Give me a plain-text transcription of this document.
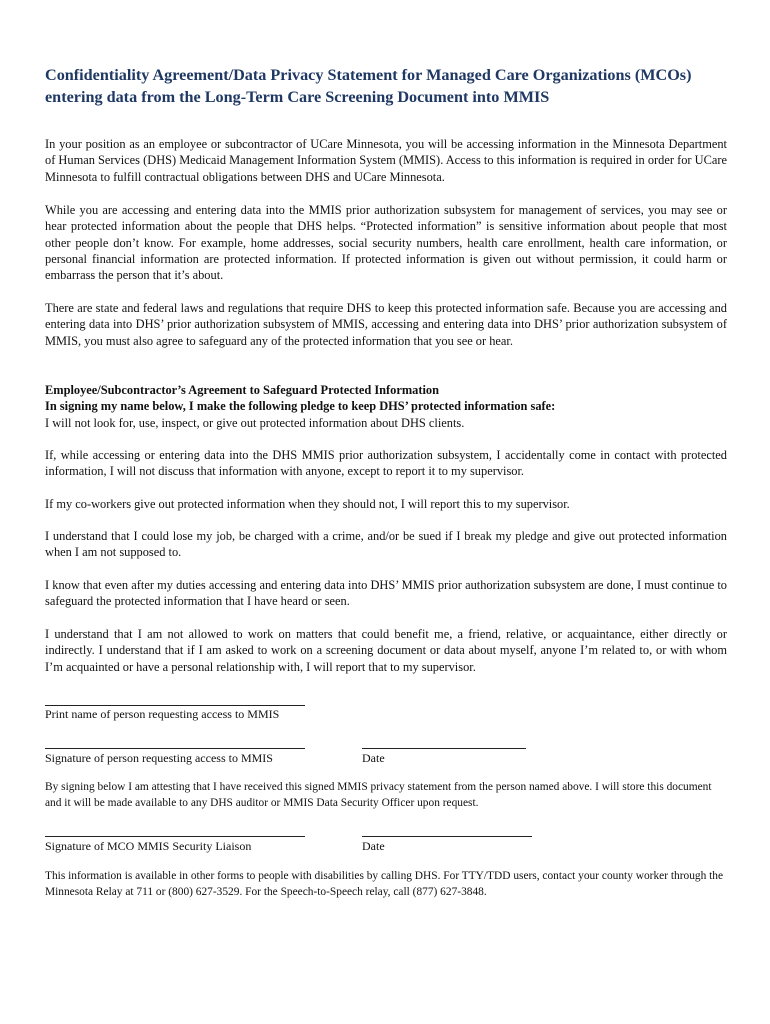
Confidentiality Agreement/Data Privacy Statement for Managed Care Organizations (MCOs) entering data from the Long-Term Care Screening Document into MMIS
In your position as an employee or subcontractor of UCare Minnesota, you will be accessing information in the Minnesota Department of Human Services (DHS) Medicaid Management Information System (MMIS). Access to this information is required in order for UCare Minnesota to fulfill contractual obligations between DHS and UCare Minnesota.
While you are accessing and entering data into the MMIS prior authorization subsystem for management of services, you may see or hear protected information about the people that DHS helps. “Protected information” is sensitive information about people that most other people don’t know. For example, home addresses, social security numbers, health care enrollment, health care information, or personal financial information are protected information. If protected information is given out without permission, it could harm or embarrass the person that it’s about.
There are state and federal laws and regulations that require DHS to keep this protected information safe. Because you are accessing and entering data into DHS’ prior authorization subsystem of MMIS, accessing and entering data into DHS’ prior authorization subsystem of MMIS, you must also agree to safeguard any of the protected information that you see or hear.
Employee/Subcontractor’s Agreement to Safeguard Protected Information
In signing my name below, I make the following pledge to keep DHS’ protected information safe:
I will not look for, use, inspect, or give out protected information about DHS clients.
If, while accessing or entering data into the DHS MMIS prior authorization subsystem, I accidentally come in contact with protected information, I will not discuss that information with anyone, except to report it to my supervisor.
If my co-workers give out protected information when they should not, I will report this to my supervisor.
I understand that I could lose my job, be charged with a crime, and/or be sued if I break my pledge and give out protected information when I am not supposed to.
I know that even after my duties accessing and entering data into DHS’ MMIS prior authorization subsystem are done, I must continue to safeguard the protected information that I have heard or seen.
I understand that I am not allowed to work on matters that could benefit me, a friend, relative, or acquaintance, either directly or indirectly. I understand that if I am asked to work on a screening document or data about myself, anyone I’m related to, or with whom I’m acquainted or have a personal relationship with, I will report that to my supervisor.
Print name of person requesting access to MMIS
Signature of person requesting access to MMIS	Date
By signing below I am attesting that I have received this signed MMIS privacy statement from the person named above. I will store this document and it will be made available to any DHS auditor or MMIS Data Security Officer upon request.
Signature of MCO MMIS Security Liaison	Date
This information is available in other forms to people with disabilities by calling DHS. For TTY/TDD users, contact your county worker through the Minnesota Relay at 711 or (800) 627-3529. For the Speech-to-Speech relay, call (877) 627-3848.
